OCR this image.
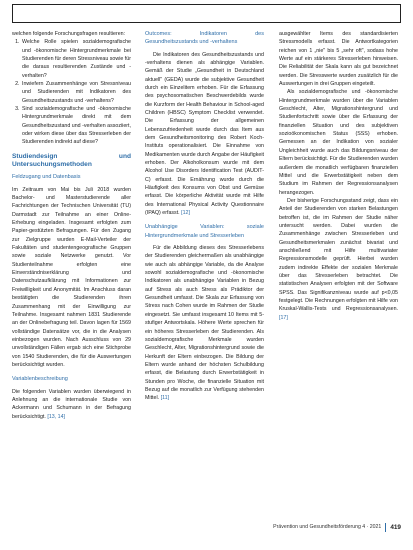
welchen folgende Forschungsfragen resultieren:

1. Welche Rolle spielen sozialdemografische und -ökonomische Hintergrundmerkmale bei Studierenden für deren Stressniveau sowie für die daraus resultierenden Zustände und -verhalten?
2. Inwiefern Zusammenhänge von Stressniveau und Studierenden mit Indikatoren des Gesundheitszustands und -verhaltens?
3. Sind sozialdemografische und -ökonomische Hintergrundmerkmale direkt mit dem Gesundheitszustand und -verhalten assoziiert, oder wirken diese über das Stresserleben der Studierenden indirekt auf diese?
Studiendesign und Untersuchungsmethoden
Feldzugang und Datenbasis

Im Zeitraum von Mai bis Juli 2018 wurden Bachelor- und Masterstudierende aller Fachrichtungen der Technischen Universität (TU) Darmstadt zur Teilnahme an einer Online-Erhebung eingeladen. Insgesamt erfolgten zum Papier-gestützten Befragungen. Für den Zugang zur Zielgruppe wurden E-Mail-Verteiler der Fakultäten und studentengeografische Gruppen sowie soziale Netzwerke genutzt. Vor Studienteilnahme erfolgten eine Einverständniserklärung und Datenschutzaufklärung mit Informationen zur Freiwilligkeit und Anonymität. Im Anschluss daran bestätigten die Studierenden ihren Zusammenhang mit der Einwilligung zur Teilnahme. Insgesamt nahmen 1831 Studierende an der Onlinebefragung teil. Davon lagen für 1569 vollständige Datensätze vor, die in die Analysen einbezogen wurden. Nach Ausschluss von 29 unvollständigen Fällen ergab sich eine Stichprobe von 1540 Studierenden, die für die Auswertungen berücksichtigt wurden.

Variablenbeschreibung

Die folgenden Variablen wurden überwiegend in Anlehnung an die internationale Studie von Ackermann und Schumann in der Befragung berücksichtigt. [13, 14]

Outcomes: Indikatoren des Gesundheitszustands und -verhaltens

Die Indikatoren des Gesundheitszustands und -verhaltens dienen als abhängige Variablen. Gemäß der Studie „Gesundheit in Deutschland aktuell" (GEDA) wurde die subjektive Gesundheit durch ein Einzelitem erhoben. Für die Erfassung des psychosomatischen Beschwerdebilds wurde die Kurzform der Health Behaviour in School-aged Children (HBSC) Symptom Checklist verwendet. Die Erfassung der allgemeinen Lebenszufriedenheit wurde durch das Item aus dem Gesundheitsmonitoring des Robert Koch-Instituts operationalisiert. Die Einnahme von Medikamenten wurde durch Angabe der Häufigkeit erhoben. Der Alkoholkonsum wurde mit dem Alcohol Use Disorders Identification Test (AUDIT-C) erfasst. Die Ernährung wurde durch die Häufigkeit des Konsums von Obst und Gemüse erfasst. Die körperliche Aktivität wurde mit Hilfe des International Physical Activity Questionnaire (IPAQ) erfasst. [12]

Unabhängige Variablen: soziale Hintergrundmerkmale und Stresserleben

Für die Abbildung dieses des Stresserlebens der Studierenden gleichermaßen als unabhängige wie auch als abhängige Variable, da die Analyse sowohl sozialdemografische und -ökonomische Indikatoren als unabhängige Variablen in Bezug auf Stress als auch Stress als Prädiktor der Gesundheit umfasst. Die Skala zur Erfassung von Stress nach Cohen wurde im Rahmen der Studie eingesetzt. Sie umfasst insgesamt 10 Items mit 5-stufiger Antwortskala. Höhere Werte sprechen für ein höheres Stresserleben der Studierenden. Als sozialdemografische Merkmale wurden Geschlecht, Alter, Migrationshintergrund sowie die Herkunft der Eltern einbezogen. Die Bildung der Eltern wurde anhand der höchsten Schulbildung erfasst, die Belastung durch Erwerbstätigkeit in Stunden pro Woche, die finanzielle Situation mit Bezug auf die monatlich zur Verfügung stehenden Mittel. [11]

ausgewählter Items des standardisierten Stressmodells erfasst. Die Antwortkategorien reichen von 1 „nie" bis 5 „sehr oft", sodass hohe Werte auf ein stärkeres Stresserleben hinweisen. Die Reliabilität der Skala kann als gut bezeichnet werden. Die Stresswerte wurden zusätzlich für die Auswertungen in drei Gruppen eingeteilt.

Als sozialdemografische und -ökonomische Hintergrundmerkmale wurden über die Variablen Geschlecht, Alter, Migrationshintergrund und Studienfortschritt sowie über die Erfassung der finanziellen Situation und des subjektiven sozioökonomischen Status (SSS) erhoben. Gemessen an der Indikation von sozialer Ungleichheit wurde auch das Bildungsniveau der Eltern berücksichtigt. Für die Studierenden wurden außerdem die monatlich verfügbaren finanziellen Mittel und die Erwerbstätigkeit neben dem Studium im Rahmen der Regressionsanalysen herangezogen.

Der bisherige Forschungsstand zeigt, dass ein Anteil der Studierenden von starken Belastungen betroffen ist, die im Rahmen der Studie näher untersucht werden. Dabei wurden die Zusammenhänge zwischen Stresserleben und Gesundheitsmerkmalen zunächst bivariat und anschließend mit Hilfe multivariater Regressionsmodelle geprüft. Hierbei wurden zudem indirekte Effekte der sozialen Merkmale über das Stresserleben betrachtet. Die statistischen Analysen erfolgten mit der Software SPSS. Das Signifikanzniveau wurde auf p<0,05 festgelegt. Die Rechnungen erfolgten mit Hilfe von Kruskal-Wallis-Tests und Regressionsanalysen. [17]

Prävention und Gesundheitsförderung 4 · 2021 419
